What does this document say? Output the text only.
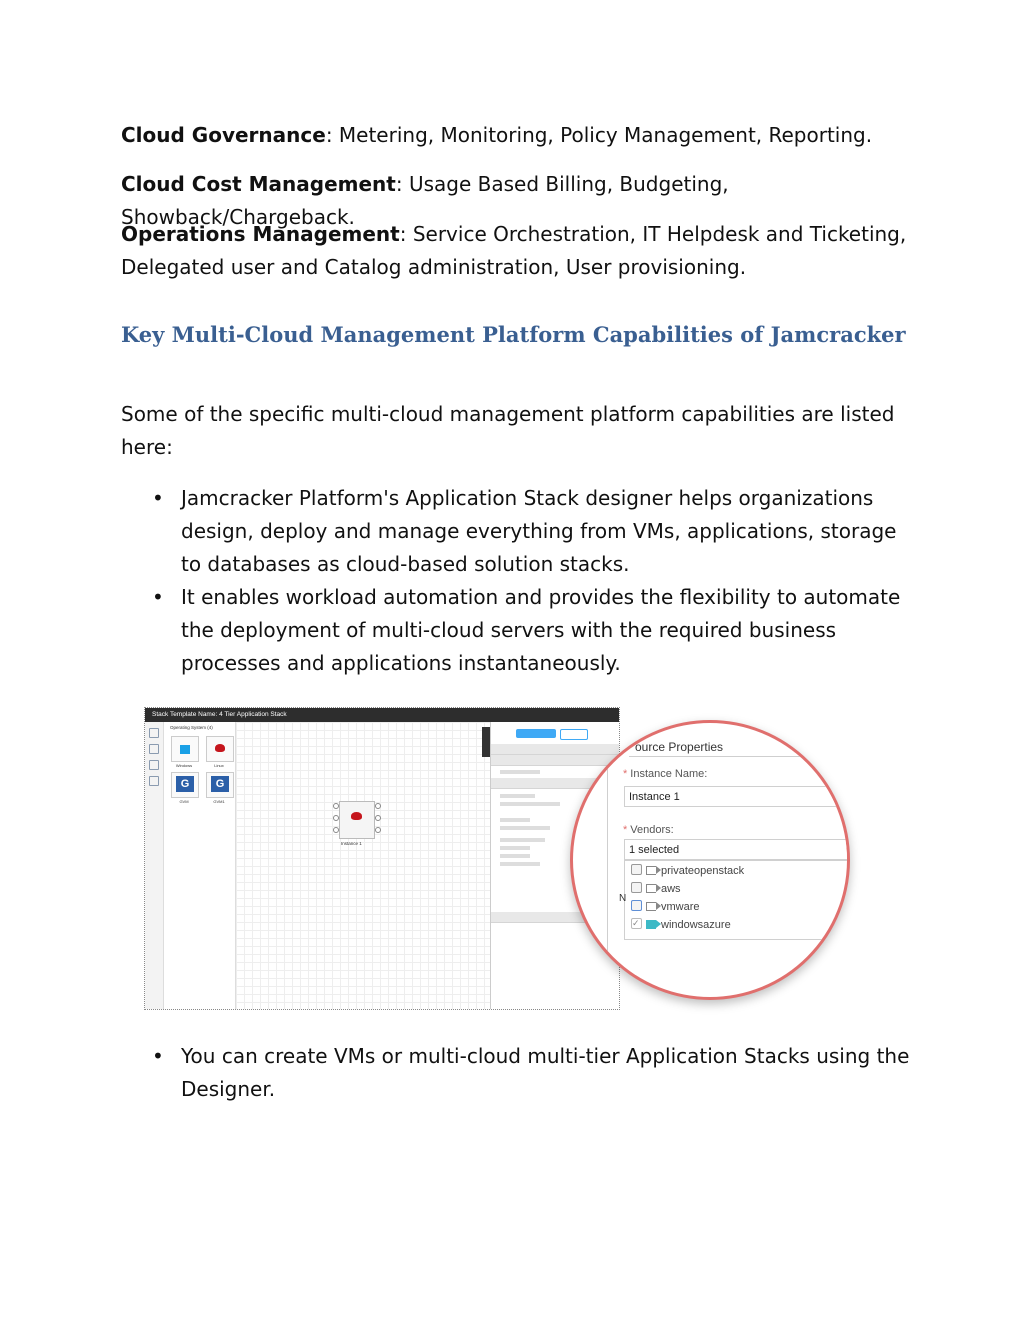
Cloud Governance: Metering, Monitoring, Policy Management, Reporting.

Cloud Cost Management: Usage Based Billing, Budgeting, Showback/Chargeback.

Operations Management: Service Orchestration, IT Helpdesk and Ticketing, Delegated user and Catalog administration, User provisioning.

Key Multi-Cloud Management Platform Capabilities of Jamcracker

Some of the specific multi-cloud management platform capabilities are listed here:

• Jamcracker Platform's Application Stack designer helps organizations design, deploy and manage everything from VMs, applications, storage to databases as cloud-based solution stacks.
• It enables workload automation and provides the flexibility to automate the deployment of multi-cloud servers with the required business processes and applications instantaneously.
Stack Template Name: 4 Tier Application Stack
Operating System (4)
Windows	Linux
G
GVM
G
GVM1
Instance 1
ource Properties
* Instance Name:
Instance 1
* Vendors:
1 selected
privateopenstack
aws
vmware
✓windowsazure
N
• You can create VMs or multi-cloud multi-tier Application Stacks using the Designer.
